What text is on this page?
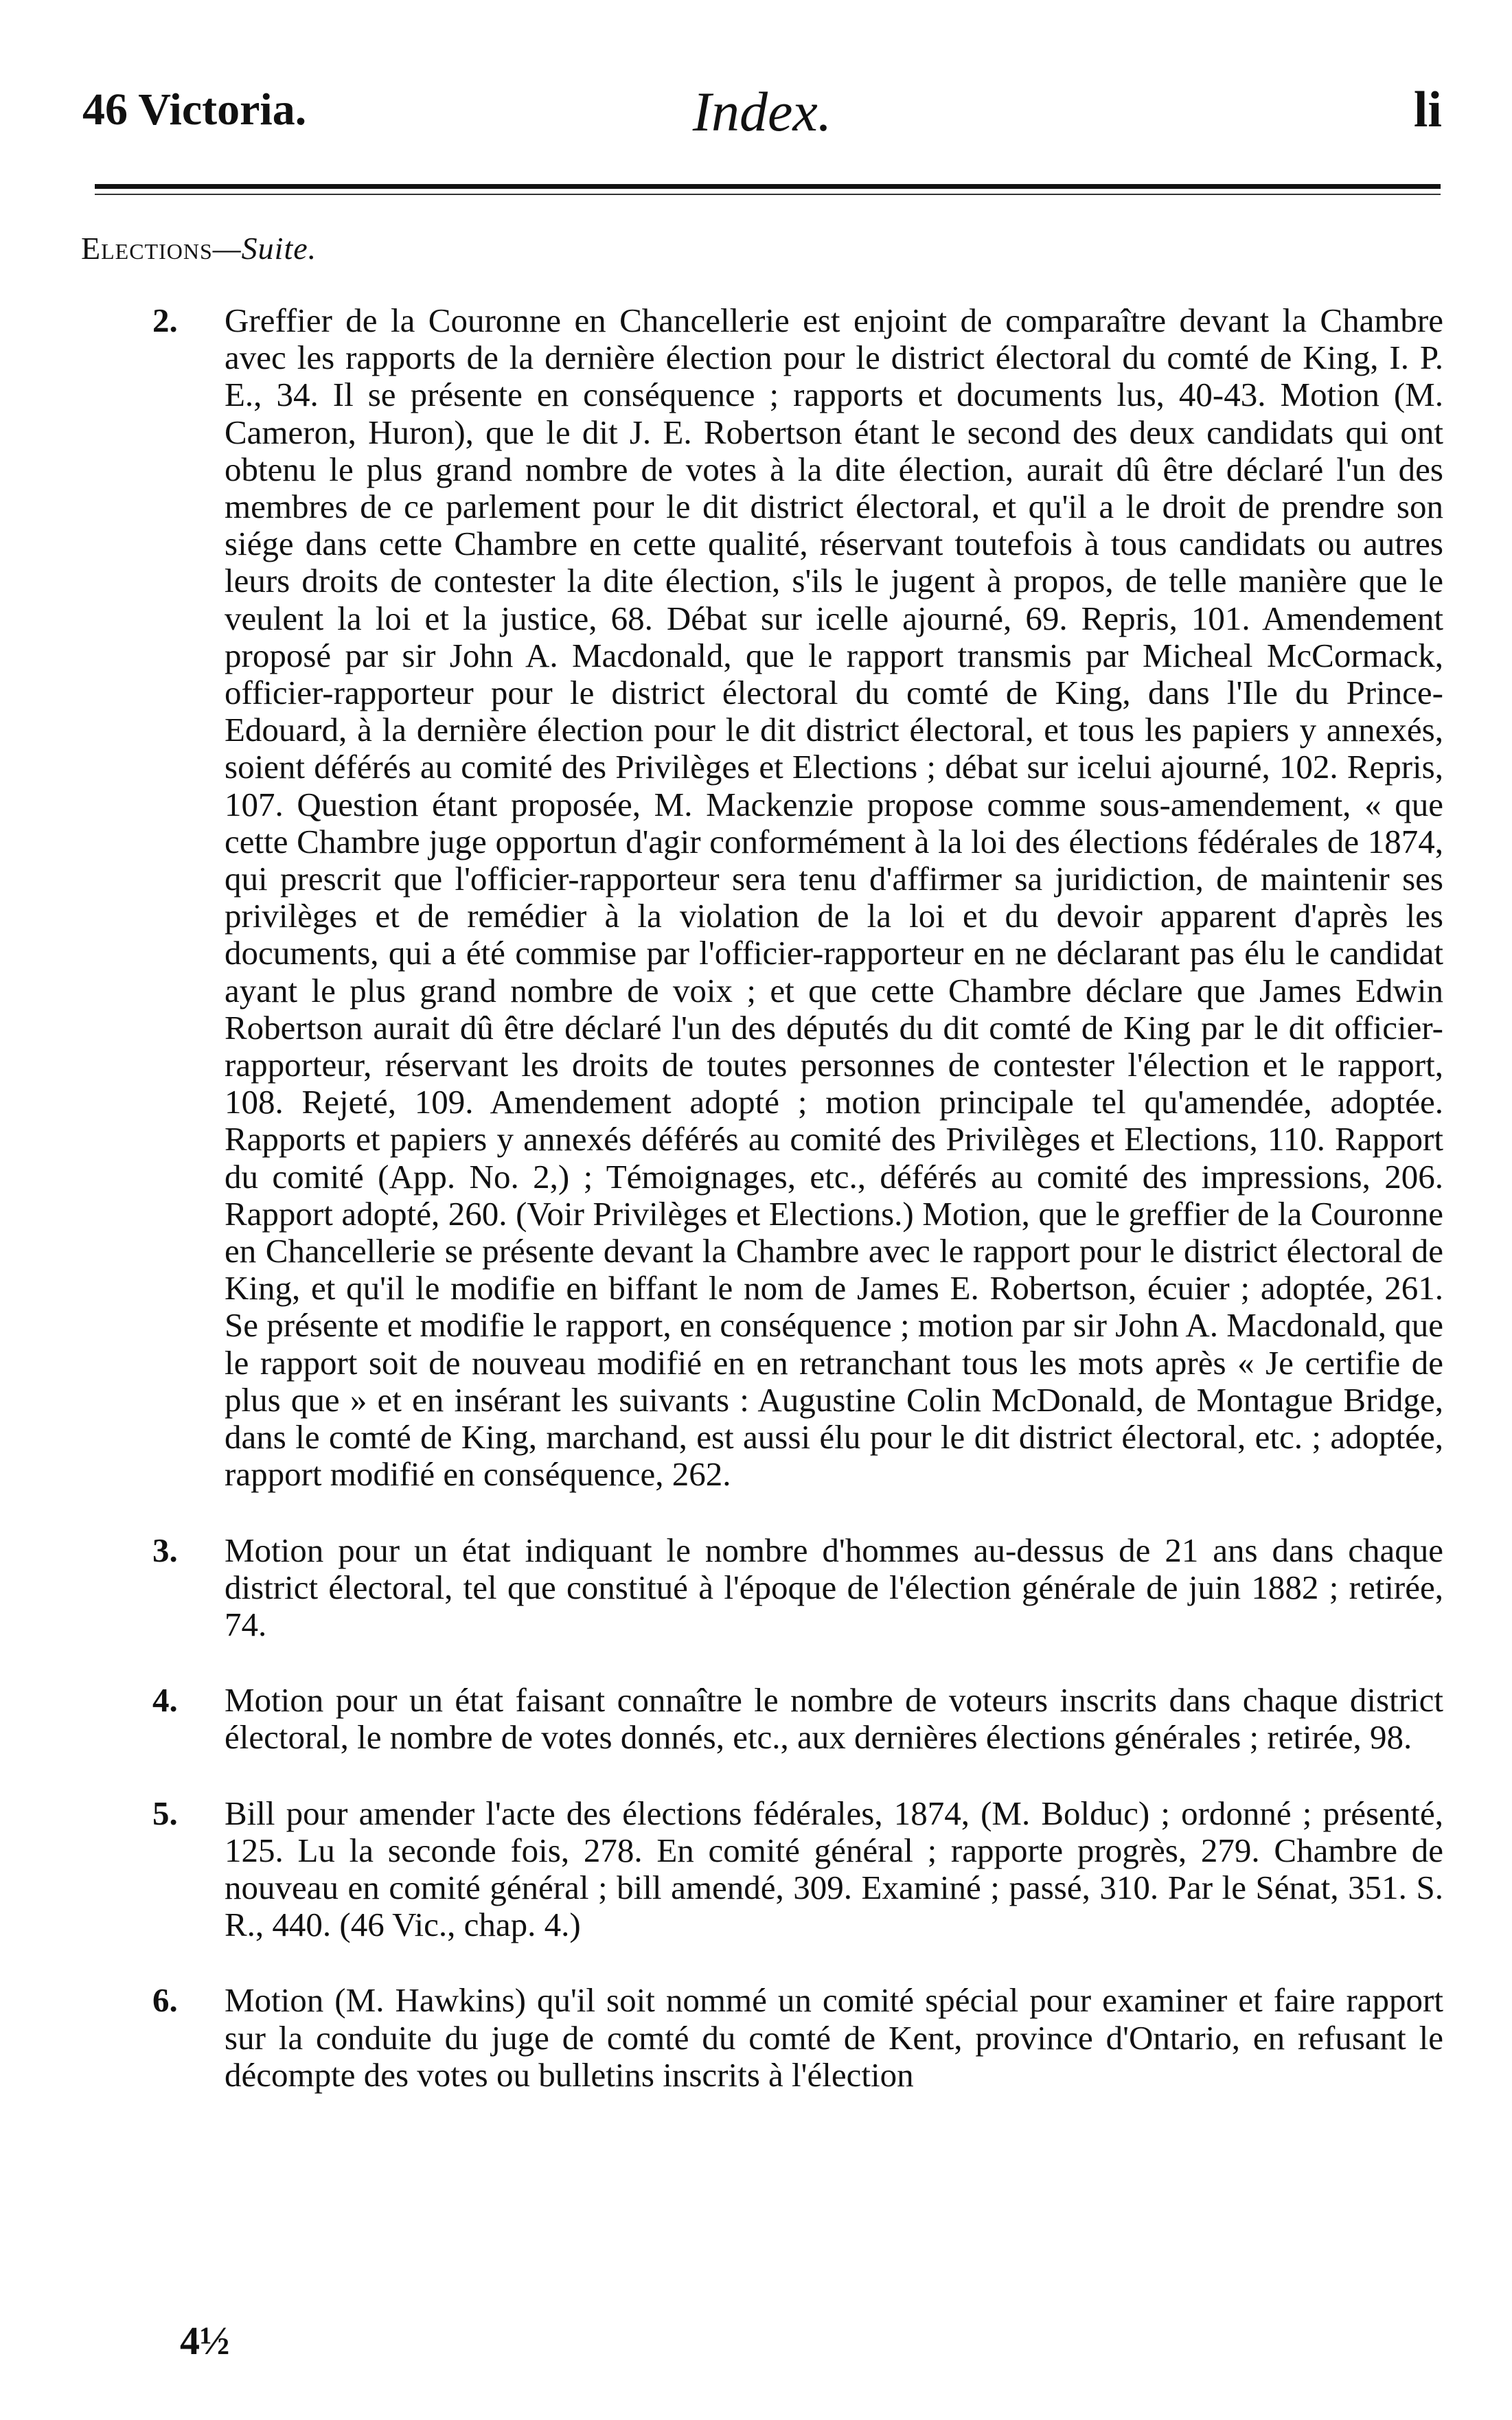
46 Victoria.	Index.	li
Elections—Suite.
2. Greffier de la Couronne en Chancellerie est enjoint de comparaître devant la Chambre avec les rapports de la dernière élection pour le district électoral du comté de King, I. P. E., 34. Il se présente en conséquence ; rapports et documents lus, 40-43. Motion (M. Cameron, Huron), que le dit J. E. Robertson étant le second des deux candidats qui ont obtenu le plus grand nombre de votes à la dite élection, aurait dû être déclaré l'un des membres de ce parlement pour le dit district électoral, et qu'il a le droit de prendre son siége dans cette Chambre en cette qualité, réservant toutefois à tous candidats ou autres leurs droits de contester la dite élection, s'ils le jugent à propos, de telle manière que le veulent la loi et la justice, 68. Débat sur icelle ajourné, 69. Repris, 101. Amendement proposé par sir John A. Macdonald, que le rapport transmis par Micheal McCormack, officier-rapporteur pour le district électoral du comté de King, dans l'Ile du Prince-Edouard, à la dernière élection pour le dit district électoral, et tous les papiers y annexés, soient déférés au comité des Privilèges et Elections ; débat sur icelui ajourné, 102. Repris, 107. Question étant proposée, M. Mackenzie propose comme sous-amendement, « que cette Chambre juge opportun d'agir conformément à la loi des élections fédérales de 1874, qui prescrit que l'officier-rapporteur sera tenu d'affirmer sa juridiction, de maintenir ses privilèges et de remédier à la violation de la loi et du devoir apparent d'après les documents, qui a été commise par l'officier-rapporteur en ne déclarant pas élu le candidat ayant le plus grand nombre de voix ; et que cette Chambre déclare que James Edwin Robertson aurait dû être déclaré l'un des députés du dit comté de King par le dit officier-rapporteur, réservant les droits de toutes personnes de contester l'élection et le rapport, 108. Rejeté, 109. Amendement adopté ; motion principale tel qu'amendée, adoptée. Rapports et papiers y annexés déférés au comité des Privilèges et Elections, 110. Rapport du comité (App. No. 2,) ; Témoignages, etc., déférés au comité des impressions, 206. Rapport adopté, 260. (Voir Privilèges et Elections.) Motion, que le greffier de la Couronne en Chancellerie se présente devant la Chambre avec le rapport pour le district électoral de King, et qu'il le modifie en biffant le nom de James E. Robertson, écuier ; adoptée, 261. Se présente et modifie le rapport, en conséquence ; motion par sir John A. Macdonald, que le rapport soit de nouveau modifié en en retranchant tous les mots après « Je certifie de plus que » et en insérant les suivants : Augustine Colin McDonald, de Montague Bridge, dans le comté de King, marchand, est aussi élu pour le dit district électoral, etc. ; adoptée, rapport modifié en conséquence, 262.
3. Motion pour un état indiquant le nombre d'hommes au-dessus de 21 ans dans chaque district électoral, tel que constitué à l'époque de l'élection générale de juin 1882 ; retirée, 74.
4. Motion pour un état faisant connaître le nombre de voteurs inscrits dans chaque district électoral, le nombre de votes donnés, etc., aux dernières élections générales ; retirée, 98.
5. Bill pour amender l'acte des élections fédérales, 1874, (M. Bolduc) ; ordonné ; présenté, 125. Lu la seconde fois, 278. En comité général ; rapporte progrès, 279. Chambre de nouveau en comité général ; bill amendé, 309. Examiné ; passé, 310. Par le Sénat, 351. S. R., 440. (46 Vic., chap. 4.)
6. Motion (M. Hawkins) qu'il soit nommé un comité spécial pour examiner et faire rapport sur la conduite du juge de comté du comté de Kent, province d'Ontario, en refusant le décompte des votes ou bulletins inscrits à l'élection
4½
